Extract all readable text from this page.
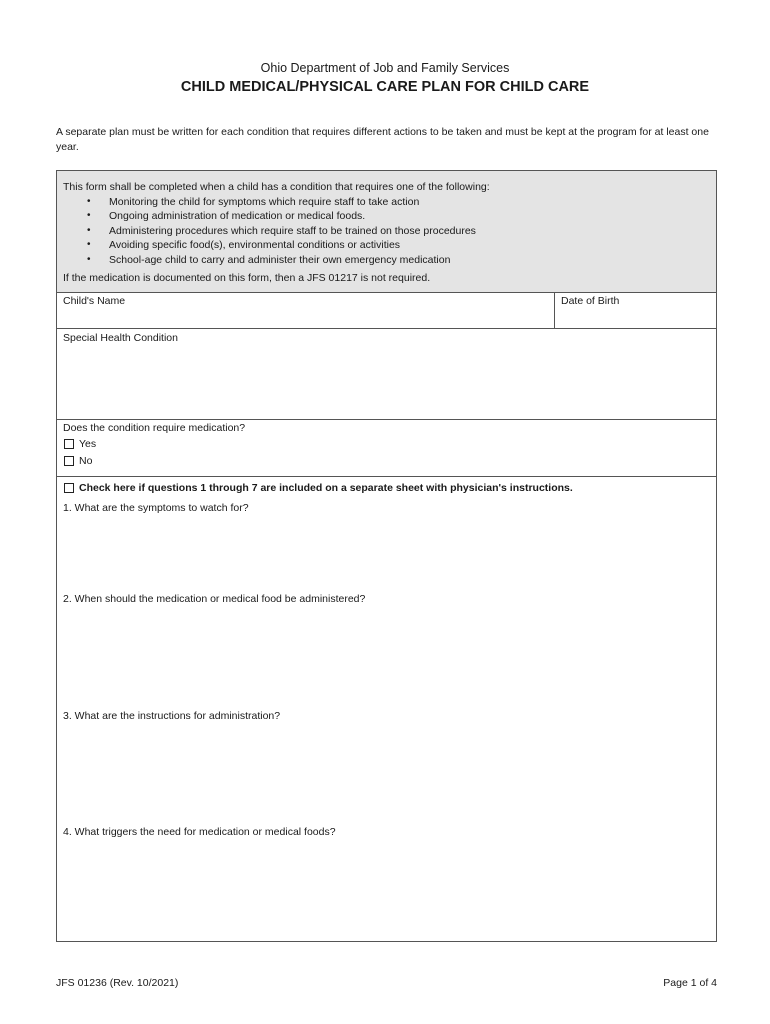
Ohio Department of Job and Family Services
CHILD MEDICAL/PHYSICAL CARE PLAN FOR CHILD CARE
A separate plan must be written for each condition that requires different actions to be taken and must be kept at the program for at least one year.
This form shall be completed when a child has a condition that requires one of the following:
• Monitoring the child for symptoms which require staff to take action
• Ongoing administration of medication or medical foods.
• Administering procedures which require staff to be trained on those procedures
• Avoiding specific food(s), environmental conditions or activities
• School-age child to carry and administer their own emergency medication
If the medication is documented on this form, then a JFS 01217 is not required.
Child's Name	Date of Birth
Special Health Condition
Does the condition require medication?
Yes
No
Check here if questions 1 through 7 are included on a separate sheet with physician's instructions.
1. What are the symptoms to watch for?
2. When should the medication or medical food be administered?
3. What are the instructions for administration?
4. What triggers the need for medication or medical foods?
JFS 01236 (Rev. 10/2021)	Page 1 of 4
